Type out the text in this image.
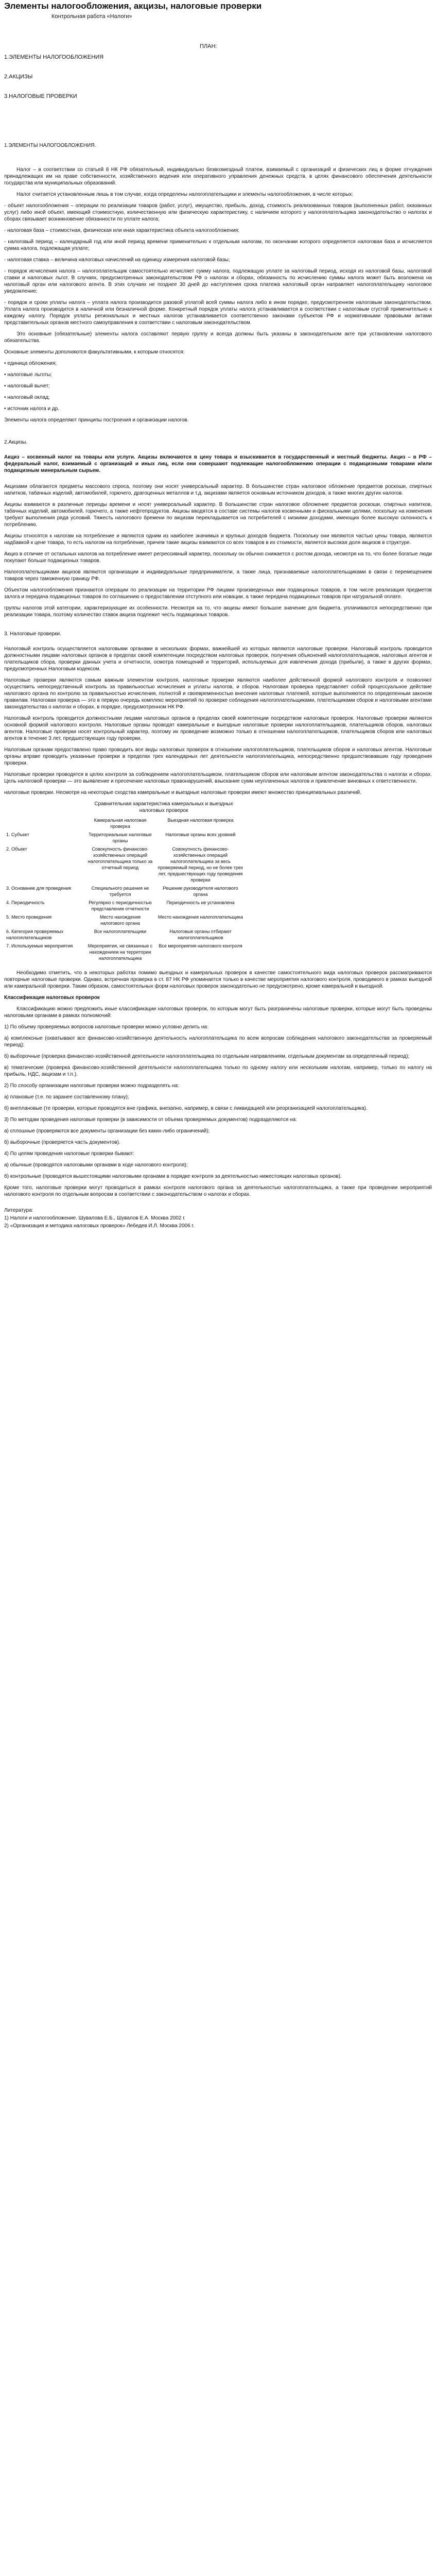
Элементы налогообложения, акцизы, налоговые проверки

Контрольная работа «Налоги»

ПЛАН:

1.ЭЛЕМЕНТЫ НАЛОГООБЛОЖЕНИЯ

2.АКЦИЗЫ

3.НАЛОГОВЫЕ ПРОВЕРКИ

1.ЭЛЕМЕНТЫ НАЛОГООБЛОЖЕНИЯ.

Налог – в соответствии со статьей 8 НК РФ обязательный, индивидуально безвозмездный платеж, взимаемый с организаций и физических лиц в форме отчуждения принадлежащих им на праве собственности, хозяйственного ведения или оперативного управления денежных средств, в целях финансового обеспечения деятельности государства или муниципальных образований.

Налог считается установленным лишь в том случае, когда определены налогоплательщики и элементы налогообложения, в числе которых:

- объект налогообложения – операции по реализации товаров (работ, услуг), имущество, прибыль, доход, стоимость реализованных товаров (выполненных работ, оказанных услуг) либо иной объект, имеющий стоимостную, количественную или физическую характеристику, с наличием которого у налогоплательщика законодательство о налогах и сборах связывает возникновение обязанности по уплате налога;

- налоговая база – стоимостная, физическая или иная характеристика объекта налогообложения;

- налоговый период – календарный год или иной период времени применительно к отдельным налогам, по окончании которого определяется налоговая база и исчисляется сумма налога, подлежащая уплате;

- налоговая ставка – величина налоговых начислений на единицу измерения налоговой базы;

- порядок исчисления налога – налогоплательщик самостоятельно исчисляет сумму налога, подлежащую уплате за налоговый период, исходя из налоговой базы, налоговой ставки и налоговых льгот. В случаях, предусмотренных законодательством РФ о налогах и сборах, обязанность по исчислению суммы налога может быть возложена на налоговый орган или налогового агента. В этих случаях не позднее 30 дней до наступления срока платежа налоговый орган направляет налогоплательщику налоговое уведомление;

- порядок и сроки уплаты налога – уплата налога производится разовой уплатой всей суммы налога либо в ином порядке, предусмотренном налоговым законодательством. Уплата налога производится в наличной или безналичной форме. Конкретный порядок уплаты налога устанавливается в соответствии с налоговым сгустой применительно к каждому налогу. Порядок уплаты региональных и местных налогов устанавливается соответственно законами субъектов РФ и нормативными правовыми актами представительных органов местного самоуправления в соответствии с налоговым законодательством.

Это основные (обязательные) элементы налога составляют первую группу и всегда должны быть указаны в законодательном акте при установлении налогового обязательства.

Основные элементы дополняются факультативными, к которым относятся:

• единица обложения;

• налоговые льготы;

• налоговый вычет;

• налоговый оклад;

• источник налога и др.

Элементы налога определяют принципы построения и организации налогов.

2.Акцизы.

Акциз – косвенный налог на товары или услуги. Акцизы включаются в цену товара и взыскивается в государственный и местный бюджеты. Акциз – в РФ – федеральный налог, взимаемый с организаций и иных лиц, если они совершают подлежащие налогообложению операции с подакцизными товарами и/или подакцизным минеральным сырьем.

Акцизами облагаются предметы массового спроса, поэтому они носят универсальный характер. В большинстве стран налоговое обложение предметов роскоши, спиртных напитков, табачных изделий, автомобилей, горючего, драгоценных металлов и т.д. акцизами является основным источником доходов, а также многих других налогов.

Акцизы взимаются в различные периоды времени и носят универсальный характер. В большинстве стран налоговое обложение предметов роскоши, спиртных напитков, табачных изделий, автомобилей, горючего, а также нефтепродуктов. Акцизы вводятся в составе системы налогов косвенными и фискальными целями, поскольку на изменения требуют выполнения ряда условий. Тяжесть налогового бремени по акцизам перекладывается на потребителей с низкими доходами, имеющих более высокую склонность к потреблению.

Акцизы относятся к налогам на потребление и являются одним из наиболее значимых и крупных доходов бюджета. Поскольку они являются частью цены товара, являются надбавкой к цене товара, то есть налогом на потребление, причем такие акцизы взимаются со всех товаров в их стоимости, является высокая доля акцизов в структуре.

Акциз в отличие от остальных налогов на потребление имеет регрессивный характер, поскольку он обычно снижается с ростом дохода, несмотря на то, что более богатые люди покупают больше подакцизных товаров.

Налогоплательщиками акцизов являются организации и индивидуальные предприниматели, а также лица, признаваемые налогоплательщиками в связи с перемещением товаров через таможенную границу РФ.

Объектом налогообложения признаются операции по реализации на территории РФ лицами произведенных ими подакцизных товаров, в том числе реализация предметов залога и передача подакцизных товаров по соглашению о предоставлении отступного или новации, а также передача подакцизных товаров при натуральной оплате.

группы налогов этой категории, характеризующие их особенности. Несмотря на то, что акцизы имеют большое значение для бюджета, уплачиваются непосредственно при реализации товара, поэтому количество ставок акциза подлежит честь подакцизных товаров.

3. Налоговые проверки.

Налоговый контроль осуществляется налоговыми органами в нескольких формах, важнейшей из которых являются налоговые проверки. Налоговый контроль проводится должностными лицами налоговых органов в пределах своей компетенции посредством налоговых проверок, получения объяснений налогоплательщиков, налоговых агентов и плательщиков сбора, проверки данных учета и отчетности, осмотра помещений и территорий, используемых для извлечения дохода (прибыли), а также в других формах, предусмотренных Налоговым кодексом.

Налоговые проверки являются самым важным элементом контроля, налоговые проверки являются наиболее действенной формой налогового контроля и позволяют осуществить непосредственный контроль за правильностью исчисления и уплаты налогов, и сборов. Налоговая проверка представляет собой процессуальное действие налогового органа по контролю за правильностью исчисления, полнотой и своевременностью внесения налоговых платежей, которые выполняются по определенным законом правилам. Налоговая проверка — это в первую очередь комплекс мероприятий по проверке соблюдения налогоплательщиками, плательщиками сборов и налоговыми агентами законодательства о налогах и сборах, в порядке, предусмотренном НК РФ.

Налоговый контроль проводится должностными лицами налоговых органов в пределах своей компетенции посредством налоговых проверок. Налоговые проверки являются основной формой налогового контроля. Налоговые органы проводят камеральные и выездные налоговые проверки налогоплательщиков, плательщиков сборов, налоговых агентов. Налоговые проверки носят контрольный характер, поэтому их проведение возможно только в отношении налогоплательщиков, плательщиков сборов или налоговых агентов в течение 3 лет, предшествующих году проверки.

Налоговым органам предоставлено право проводить все виды налоговых проверок в отношении налогоплательщиков, плательщиков сборов и налоговых агентов. Налоговые органы вправе проводить указанные проверки в пределах трех календарных лет деятельности налогоплательщика, непосредственно предшествовавших году проведения проверки.

Налоговые проверки проводятся в целях контроля за соблюдением налогоплательщиком, плательщиком сборов или налоговым агентом законодательства о налогах и сборах. Цель налоговой проверки — это выявление и пресечение налоговых правонарушений, взыскание сумм неуплаченных налогов и привлечение виновных к ответственности.

налоговые проверки. Несмотря на некоторые сходства камеральные и выездные налоговые проверки имеют множество принципиальных различий.

Сравнительная характеристика камеральных и выездных налоговых проверок

	Камеральная налоговая проверка	Выездная налоговая проверка
1. Субъект	Территориальные налоговые органы	Налоговые органы всех уровней
2. Объект	Совокупность финансово-хозяйственных операций налогоплательщика только за отчетный период	Совокупность финансово-хозяйственных операций налогоплательщика за весь проверяемый период, но не более трех лет, предшествующих году проведения проверки
3. Основание для проведения	Специального решения не требуется	Решение руководителя налогового органа
4. Периодичность	Регулярно с периодичностью представления отчетности	Периодичность не установлена
5. Место проведения	Место нахождения налогового органа	Место нахождения налогоплательщика
6. Категория проверяемых налогоплательщиков	Все налогоплательщики	Налоговые органы отбирают налогоплательщиков
7. Используемые мероприятия	Мероприятия, не связанные с нахождением на территории налогоплательщика	Все мероприятия налогового контроля

Необходимо отметить, что в некоторых работах помимо выездных и камеральных проверок в качестве самостоятельного вида налоговых проверок рассматриваются повторные налоговые проверки. Однако, встречная проверка в ст. 87 НК РФ упоминается только в качестве мероприятия налогового контроля, проводимого в рамках выездной или камеральной проверки. Таким образом, самостоятельных форм налоговых проверок законодательно не предусмотрено, кроме камеральной и выездной.

Классификация налоговых проверок

Классификацию можно предложить иные классификации налоговых проверок, по которым могут быть разграничены налоговые проверки, которые могут быть проведены налоговыми органами в рамках полномочий:

1) По объему проверяемых вопросов налоговые проверки можно условно делить на:

а) комплексные (охватывают все финансово-хозяйственную деятельность налогоплательщика по всем вопросам соблюдения налогового законодательства за проверяемый период);

б) выборочные (проверка финансово-хозяйственной деятельности налогоплательщика по отдельным направлениям, отдельным документам за определенный период);

в) тематические (проверка финансово-хозяйственной деятельности налогоплательщика только по одному налогу или нескольким налогам, например, только по налогу на прибыль, НДС, акцизам и т.п.).

2) По способу организации налоговые проверки можно подразделять на:

а) плановые (т.е. по заранее составленному плану);

б) внеплановые (те проверки, которые проводятся вне графика, внезапно, например, в связи с ликвидацией или реорганизацией налогоплательщика).

3) По методам проведения налоговые проверки (в зависимости от объема проверяемых документов) подразделяются на:

а) сплошные (проверяются все документы организации без каких-либо ограничений);

б) выборочные (проверяется часть документов).

4) По целям проведения налоговые проверки бывают:

а) обычные (проводятся налоговыми органами в ходе налогового контроля);

б) контрольные (проводятся вышестоящими налоговыми органами в порядке контроля за деятельностью нижестоящих налоговых органов).

Кроме того, налоговые проверки могут проводиться в рамках контроля налогового органа за деятельностью налогоплательщика, а также при проведении мероприятий налогового контроля по отдельным вопросам в соответствии с законодательством о налогах и сборах.

Литература:

1) Налоги и налогообложение. Шувалова Е.Б., Шувалов Е.А. Москва 2002 г.

2) «Организация и методика налоговых проверок» Лебедев И.Л. Москва 2006 г.
